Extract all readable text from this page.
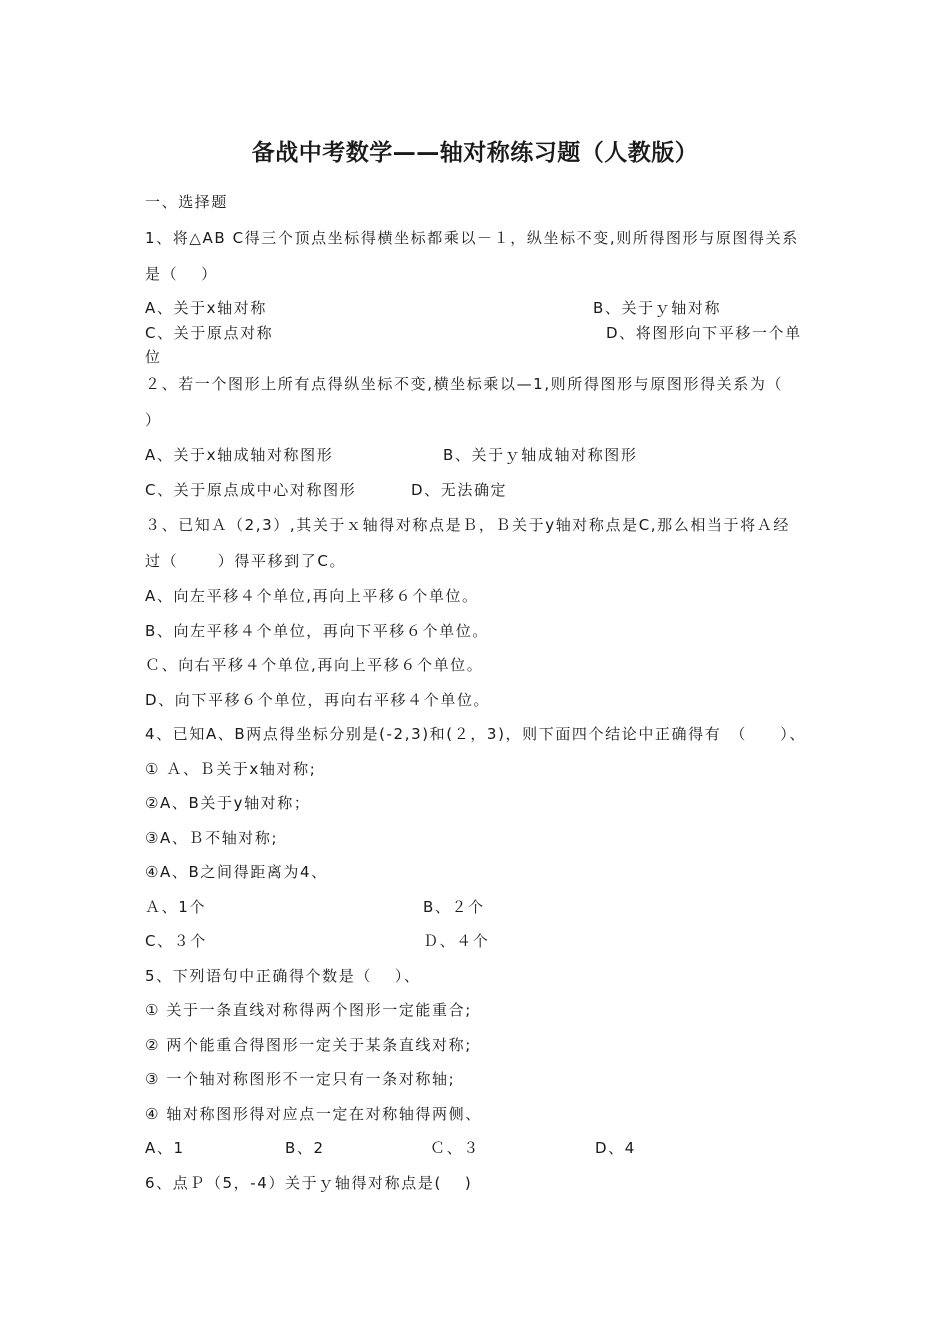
备战中考数学——轴对称练习题（人教版）
一、选择题
1、将△AB C得三个顶点坐标得横坐标都乘以－１，纵坐标不变,则所得图形与原图得关系
是（　 ）
A、关于x轴对称	B、关于ｙ轴对称
C、关于原点对称	D、将图形向下平移一个单
位
２、若一个图形上所有点得纵坐标不变,横坐标乘以—1,则所得图形与原图形得关系为（
）
A、关于x轴成轴对称图形	B、关于ｙ轴成轴对称图形
C、关于原点成中心对称图形	D、无法确定
３、已知Ａ（2,3）,其关于ｘ轴得对称点是Ｂ，Ｂ关于y轴对称点是C,那么相当于将Ａ经
过（　　 ）得平移到了C。
A、向左平移４个单位,再向上平移６个单位。
B、向左平移４个单位，再向下平移６个单位。
Ｃ、向右平移４个单位,再向上平移６个单位。
D、向下平移６个单位，再向右平移４个单位。
4、已知A、B两点得坐标分别是(-2,3)和(２，3)，则下面四个结论中正确得有　（　　）、
① Ａ、Ｂ关于x轴对称;
②A、B关于y轴对称；
③A、Ｂ不轴对称;
④A、B之间得距离为4、
Ａ、1个	B、２个
C、３个	Ｄ、４个
5、下列语句中正确得个数是（　 ）、
① 关于一条直线对称得两个图形一定能重合;
② 两个能重合得图形一定关于某条直线对称;
③ 一个轴对称图形不一定只有一条对称轴;
④ 轴对称图形得对应点一定在对称轴得两侧、
A、1	B、2	Ｃ、３	D、4
6、点Ｐ（5，-4）关于ｙ轴得对称点是(　 )
